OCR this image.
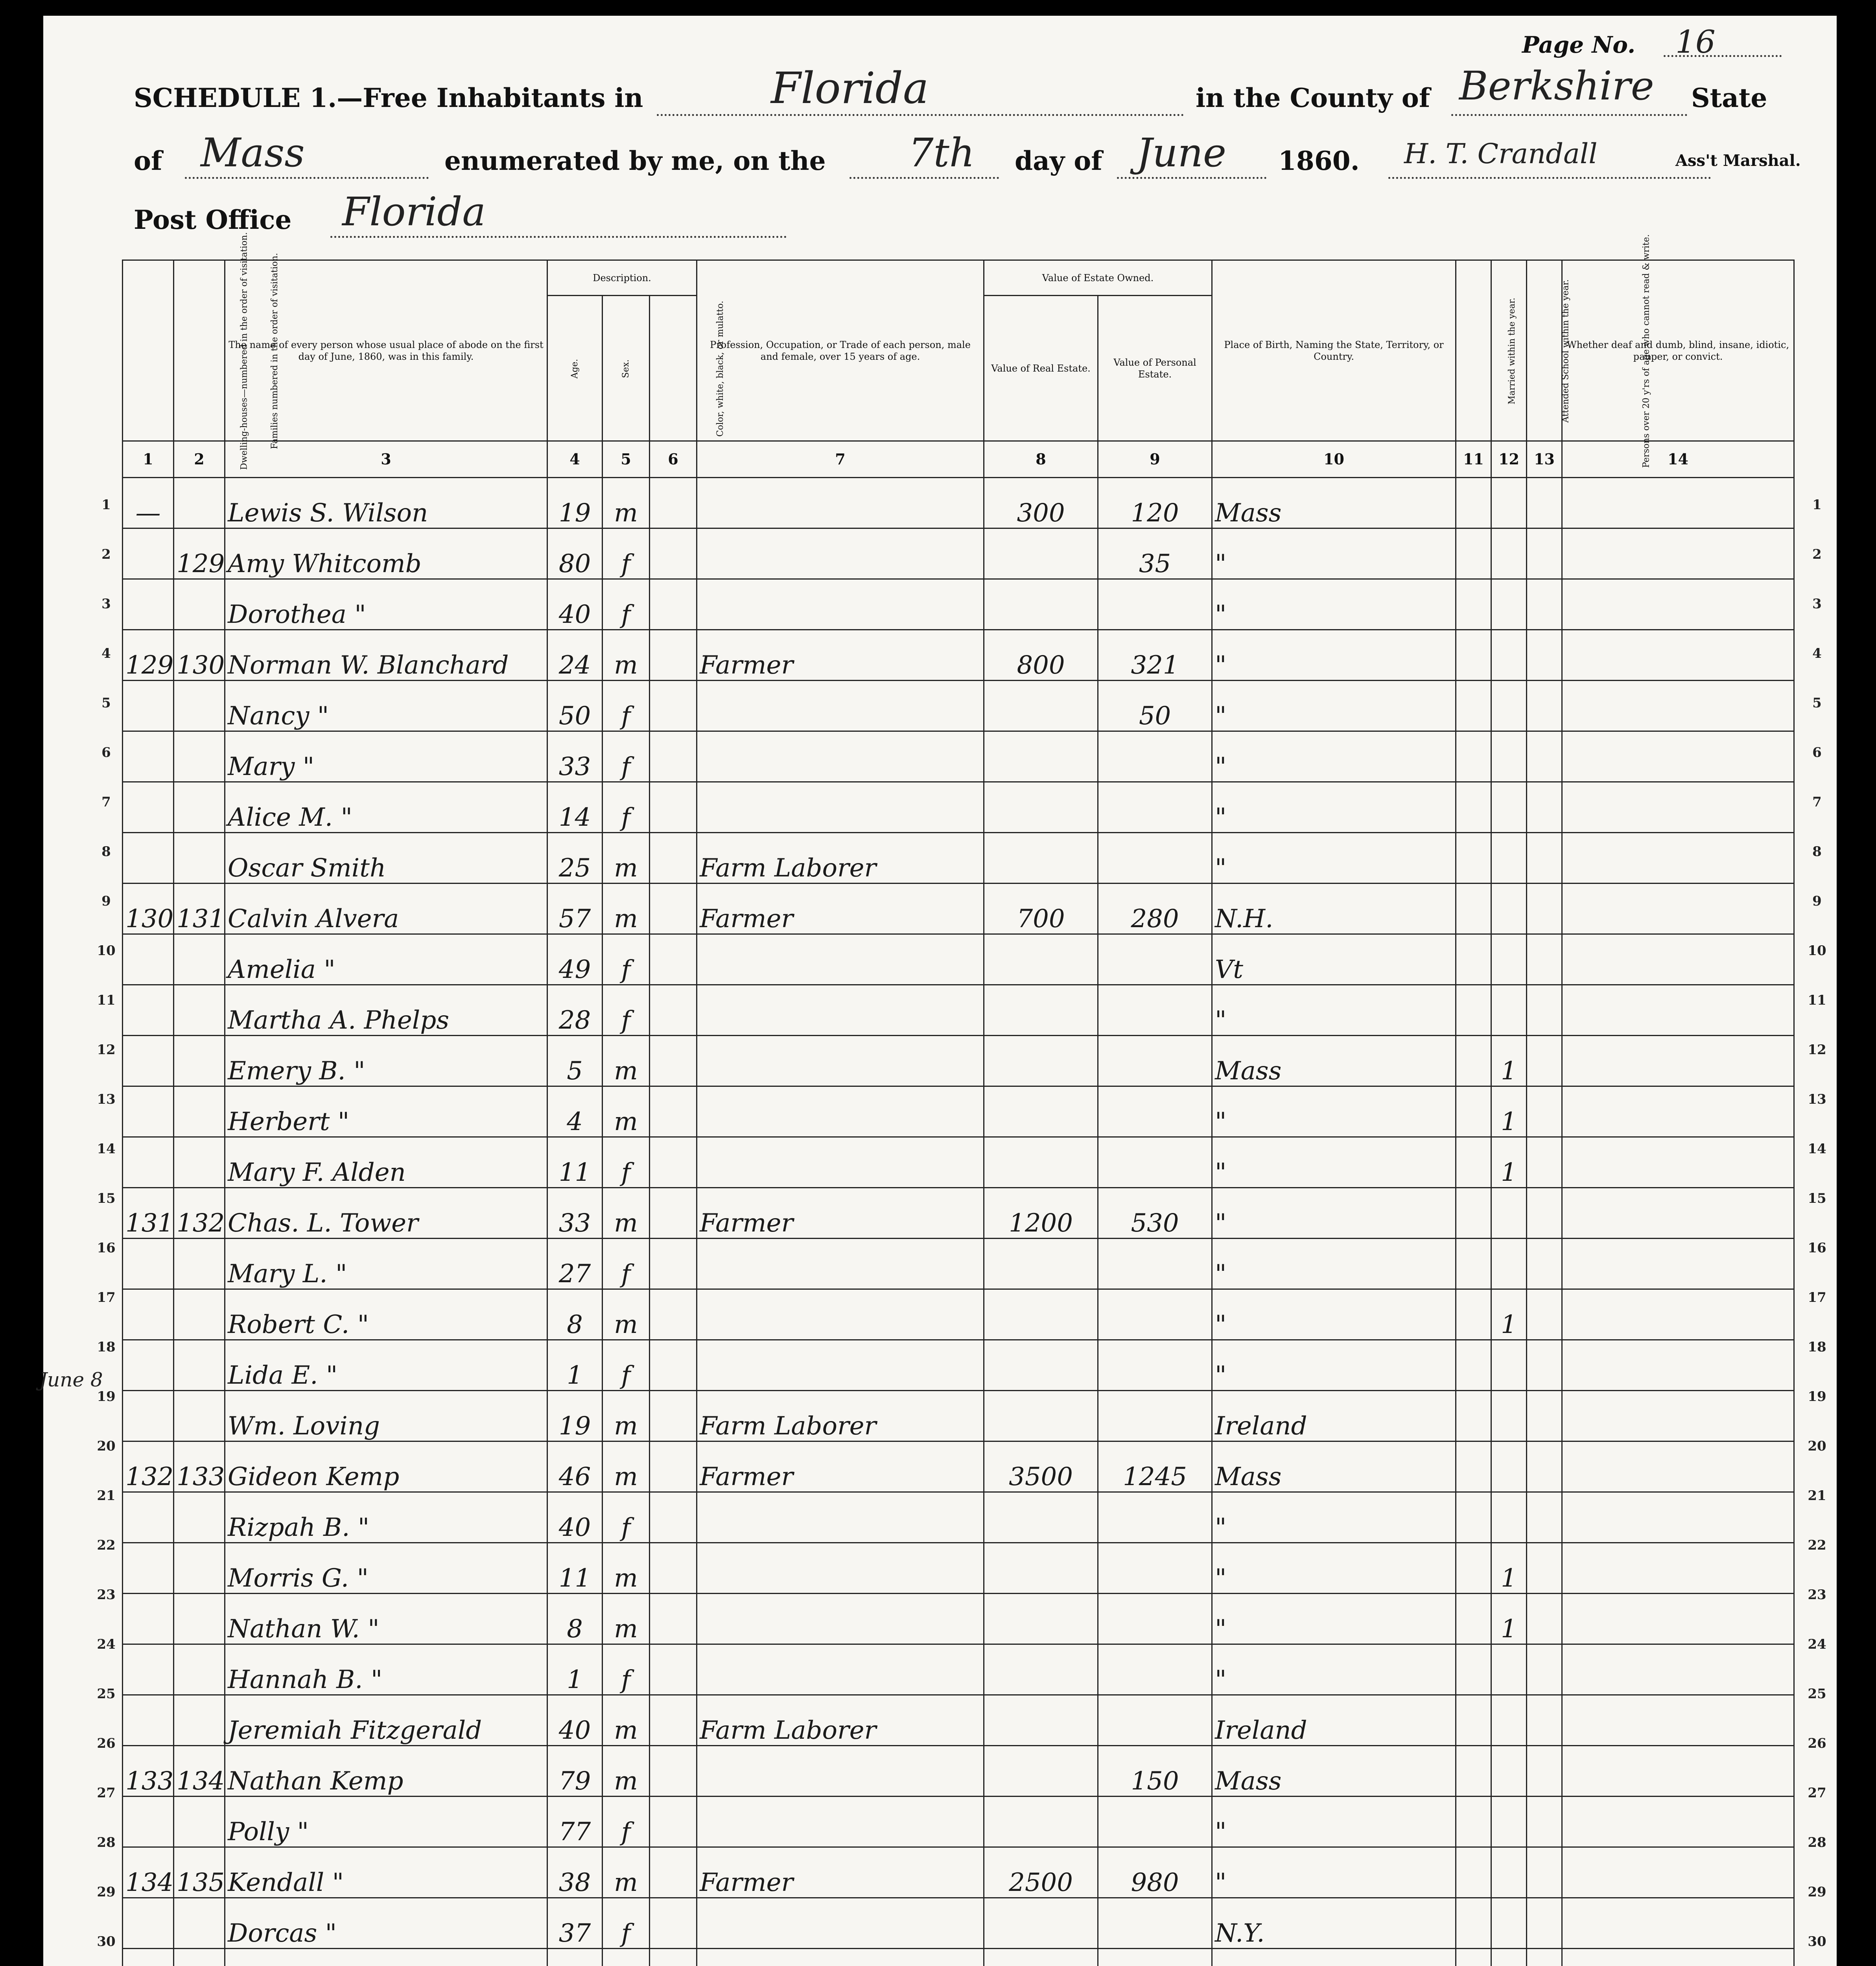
Page No. 16
SCHEDULE 1.—Free Inhabitants in	Florida	in the County of Berkshire State
of Mass	enumerated by me, on the 7th day of June 1860. H. T. Crandall	Ass't Marshal.
Post Office Florida
June 8
Dwelling-houses—numbered in the order of visitation.	Families numbered in the order of visitation.	The name of every person whose usual place of abode on the first day of June, 1860, was in this family.	Description.			Profession, Occupation, or Trade of each person, male and female, over 15 years of age.	Value of Estate Owned.		Place of Birth, Naming the State, Territory, or Country.	Married within the year.	Attended School within the year.	Persons over 20 y'rs of age who cannot read & write.	Whether deaf and dumb, blind, insane, idiotic, pauper, or convict.
			Age.	Sex.	Color, white, black, or mulatto.		Value of Real Estate.	Value of Personal Estate.					
1	2	3	4	5	6	7	8	9	10	11	12	13	14
—		Lewis S. Wilson	19	m			300	120	Mass				
	129	Amy Whitcomb	80	f				35	"				
		Dorothea "	40	f					"				
129	130	Norman W. Blanchard	24	m		Farmer	800	321	"				
		Nancy "	50	f				50	"				
		Mary "	33	f					"				
		Alice M. "	14	f					"				
		Oscar Smith	25	m		Farm Laborer			"				
130	131	Calvin Alvera	57	m		Farmer	700	280	N.H.				
		Amelia "	49	f					Vt				
		Martha A. Phelps	28	f					"				
		Emery B. "	5	m					Mass		1		
		Herbert "	4	m					"		1		
		Mary F. Alden	11	f					"		1		
131	132	Chas. L. Tower	33	m		Farmer	1200	530	"				
		Mary L. "	27	f					"				
		Robert C. "	8	m					"		1		
		Lida E. "	1	f					"				
		Wm. Loving	19	m		Farm Laborer			Ireland				
132	133	Gideon Kemp	46	m		Farmer	3500	1245	Mass				
		Rizpah B. "	40	f					"				
		Morris G. "	11	m					"		1		
		Nathan W. "	8	m					"		1		
		Hannah B. "	1	f					"				
		Jeremiah Fitzgerald	40	m		Farm Laborer			Ireland				
133	134	Nathan Kemp	79	m				150	Mass				
		Polly "	77	f					"				
134	135	Kendall "	38	m		Farmer	2500	980	"				
		Dorcas "	37	f					N.Y.				

1
2
3
4
5
6
7
8
9
10
11
12
13
14
15
16
17
18
19
20
21
22
23
24
25
26
27
28
29
30
1
2
3
4
5
6
7
8
9
10
11
12
13
14
15
16
17
18
19
20
21
22
23
24
25
26
27
28
29
30
